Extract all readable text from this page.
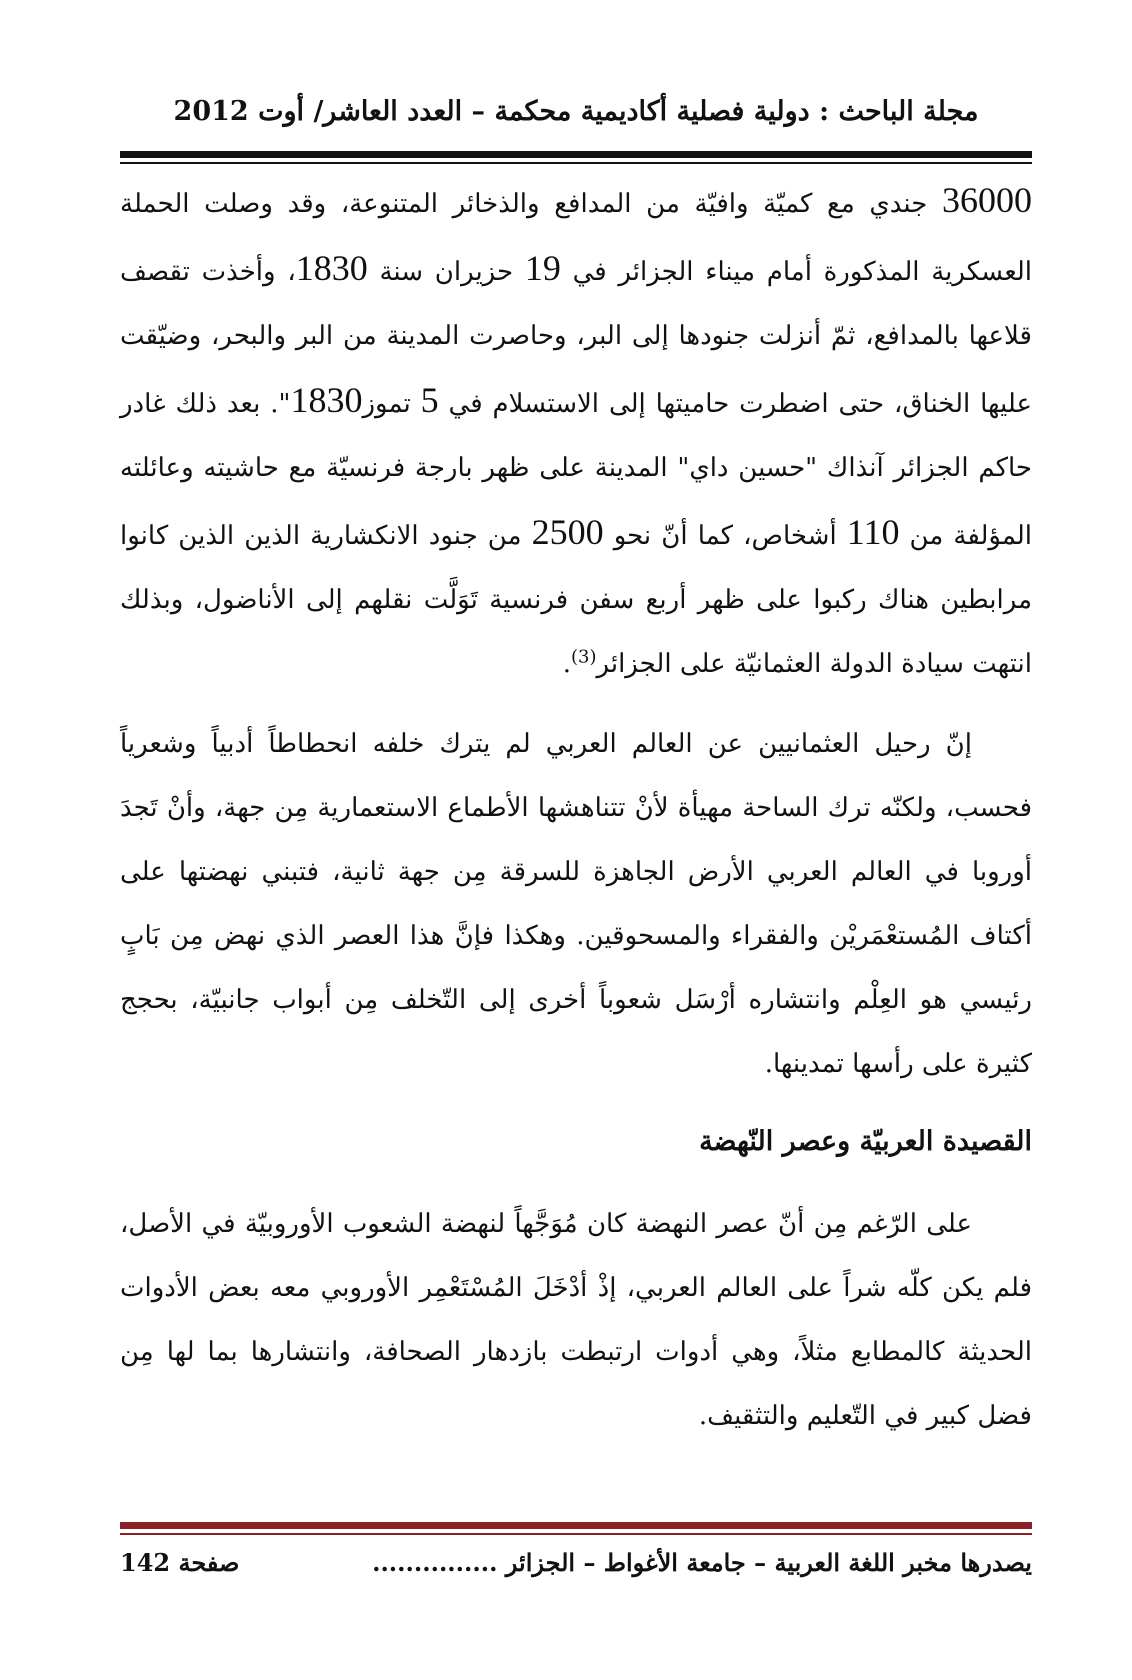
مجلة الباحث : دولية فصلية أكاديمية محكمة – العدد العاشر/ أوت 2012

36000 جندي مع كميّة وافيّة من المدافع والذخائر المتنوعة، وقد وصلت الحملة العسكرية المذكورة أمام ميناء الجزائر في 19 حزيران سنة 1830، وأخذت تقصف قلاعها بالمدافع، ثمّ أنزلت جنودها إلى البر، وحاصرت المدينة من البر والبحر، وضيّقت عليها الخناق، حتى اضطرت حاميتها إلى الاستسلام في 5 تموز1830". بعد ذلك غادر حاكم الجزائر آنذاك "حسين داي" المدينة على ظهر بارجة فرنسيّة مع حاشيته وعائلته المؤلفة من 110 أشخاص، كما أنّ نحو 2500 من جنود الانكشارية الذين الذين كانوا مرابطين هناك ركبوا على ظهر أربع سفن فرنسية تَوَلَّت نقلهم إلى الأناضول، وبذلك انتهت سيادة الدولة العثمانيّة على الجزائر$^{(3)}$.

إنّ رحيل العثمانيين عن العالم العربي لم يترك خلفه انحطاطاً أدبياً وشعرياً فحسب، ولكنّه ترك الساحة مهيأة لأنْ تتناهشها الأطماع الاستعمارية مِن جهة، وأنْ تَجدَ أوروبا في العالم العربي الأرض الجاهزة للسرقة مِن جهة ثانية، فتبني نهضتها على أكتاف المُستعْمَريْن والفقراء والمسحوقين. وهكذا فإنَّ هذا العصر الذي نهض مِن بَابٍ رئيسي هو العِلْم وانتشاره أرْسَل شعوباً أخرى إلى التّخلف مِن أبواب جانبيّة، بحجج كثيرة على رأسها تمدينها.

القصيدة العربيّة وعصر النّهضة

على الرّغم مِن أنّ عصر النهضة كان مُوَجَّهاً لنهضة الشعوب الأوروبيّة في الأصل، فلم يكن كلّه شراً على العالم العربي، إذْ أدْخَلَ المُسْتَعْمِر الأوروبي معه بعض الأدوات الحديثة كالمطابع مثلاً، وهي أدوات ارتبطت بازدهار الصحافة، وانتشارها بما لها مِن فضل كبير في التّعليم والتثقيف.

يصدرها مخبر اللغة العربية – جامعة الأغواط – الجزائر ...............
صفحة 142
